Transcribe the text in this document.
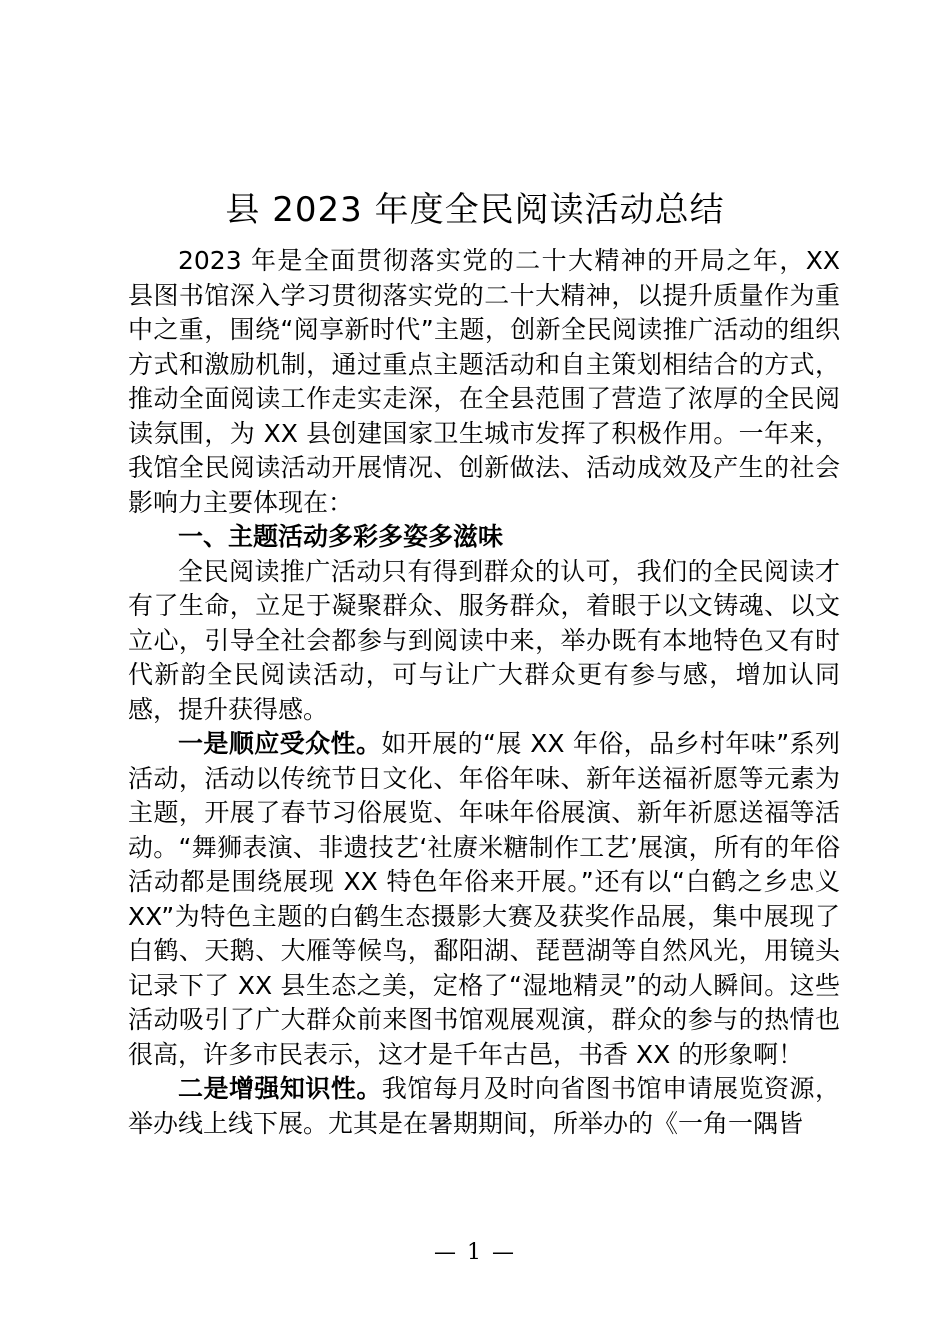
县 2023 年度全民阅读活动总结

2023 年是全面贯彻落实党的二十大精神的开局之年，XX 县图书馆深入学习贯彻落实党的二十大精神，以提升质量作为重中之重，围绕“阅享新时代”主题，创新全民阅读推广活动的组织方式和激励机制，通过重点主题活动和自主策划相结合的方式，推动全面阅读工作走实走深，在全县范围了营造了浓厚的全民阅读氛围，为 XX 县创建国家卫生城市发挥了积极作用。一年来，我馆全民阅读活动开展情况、创新做法、活动成效及产生的社会影响力主要体现在：

一、主题活动多彩多姿多滋味

全民阅读推广活动只有得到群众的认可，我们的全民阅读才有了生命，立足于凝聚群众、服务群众，着眼于以文铸魂、以文立心，引导全社会都参与到阅读中来，举办既有本地特色又有时代新韵全民阅读活动，可与让广大群众更有参与感，增加认同感，提升获得感。

一是顺应受众性。如开展的“展 XX 年俗，品乡村年味”系列活动，活动以传统节日文化、年俗年味、新年送福祈愿等元素为主题，开展了春节习俗展览、年味年俗展演、新年祈愿送福等活动。“舞狮表演、非遗技艺‘社赓米糖制作工艺’展演，所有的年俗活动都是围绕展现 XX 特色年俗来开展。”还有以“白鹤之乡忠义 XX”为特色主题的白鹤生态摄影大赛及获奖作品展，集中展现了白鹤、天鹅、大雁等候鸟，鄱阳湖、琵琶湖等自然风光，用镜头记录下了 XX 县生态之美，定格了“湿地精灵”的动人瞬间。这些活动吸引了广大群众前来图书馆观展观演，群众的参与的热情也很高，许多市民表示，这才是千年古邑，书香 XX 的形象啊！

二是增强知识性。我馆每月及时向省图书馆申请展览资源，举办线上线下展。尤其是在暑期期间，所举办的《一角一隅皆

— 1 —
